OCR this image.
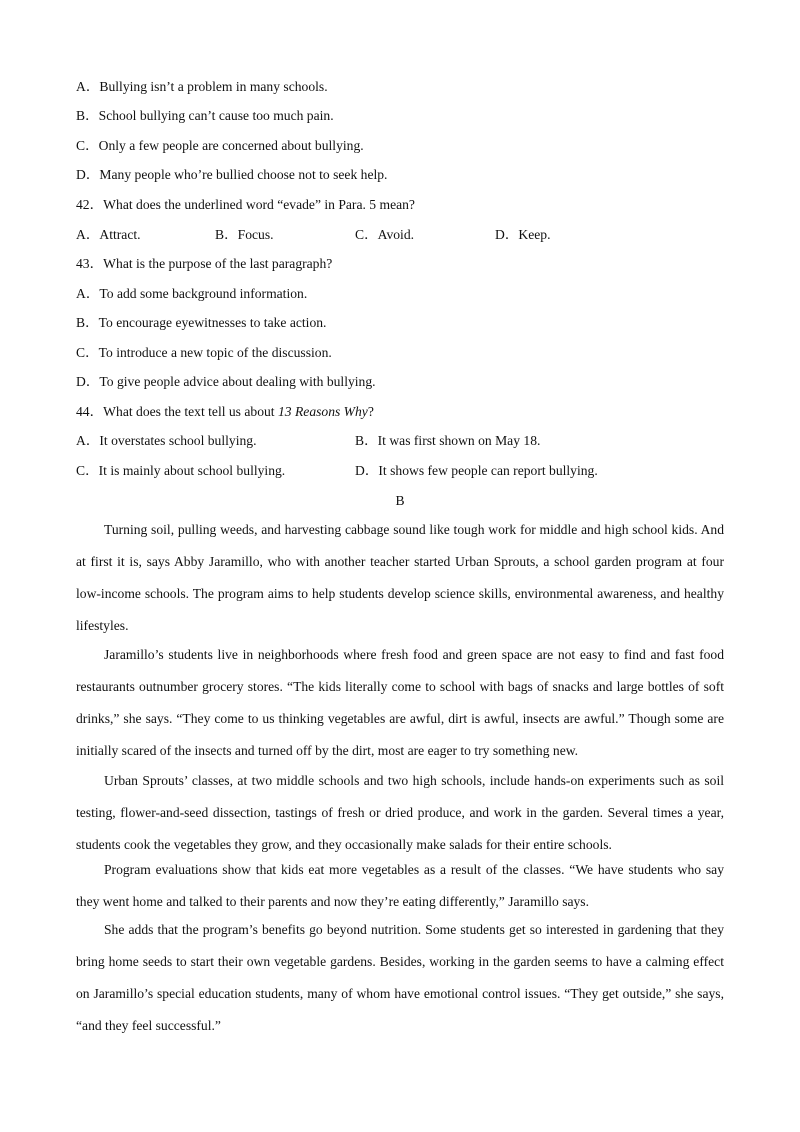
A．Bullying isn’t a problem in many schools.
B．School bullying can’t cause too much pain.
C．Only a few people are concerned about bullying.
D．Many people who’re bullied choose not to seek help.
42．What does the underlined word “evade” in Para. 5 mean?
A．Attract.	B．Focus.	C．Avoid.	D．Keep.
43．What is the purpose of the last paragraph?
A．To add some background information.
B．To encourage eyewitnesses to take action.
C．To introduce a new topic of the discussion.
D．To give people advice about dealing with bullying.
44．What does the text tell us about 13 Reasons Why?
A．It overstates school bullying.	B．It was first shown on May 18.
C．It is mainly about school bullying.	D．It shows few people can report bullying.
B
Turning soil, pulling weeds, and harvesting cabbage sound like tough work for middle and high school kids. And at first it is, says Abby Jaramillo, who with another teacher started Urban Sprouts, a school garden program at four low-income schools. The program aims to help students develop science skills, environmental awareness, and healthy lifestyles.
Jaramillo’s students live in neighborhoods where fresh food and green space are not easy to find and fast food restaurants outnumber grocery stores. “The kids literally come to school with bags of snacks and large bottles of soft drinks,” she says. “They come to us thinking vegetables are awful, dirt is awful, insects are awful.” Though some are initially scared of the insects and turned off by the dirt, most are eager to try something new.
Urban Sprouts’ classes, at two middle schools and two high schools, include hands-on experiments such as soil testing, flower-and-seed dissection, tastings of fresh or dried produce, and work in the garden. Several times a year, students cook the vegetables they grow, and they occasionally make salads for their entire schools.
Program evaluations show that kids eat more vegetables as a result of the classes. “We have students who say they went home and talked to their parents and now they’re eating differently,” Jaramillo says.
She adds that the program’s benefits go beyond nutrition. Some students get so interested in gardening that they bring home seeds to start their own vegetable gardens. Besides, working in the garden seems to have a calming effect on Jaramillo’s special education students, many of whom have emotional control issues. “They get outside,” she says, “and they feel successful.”
